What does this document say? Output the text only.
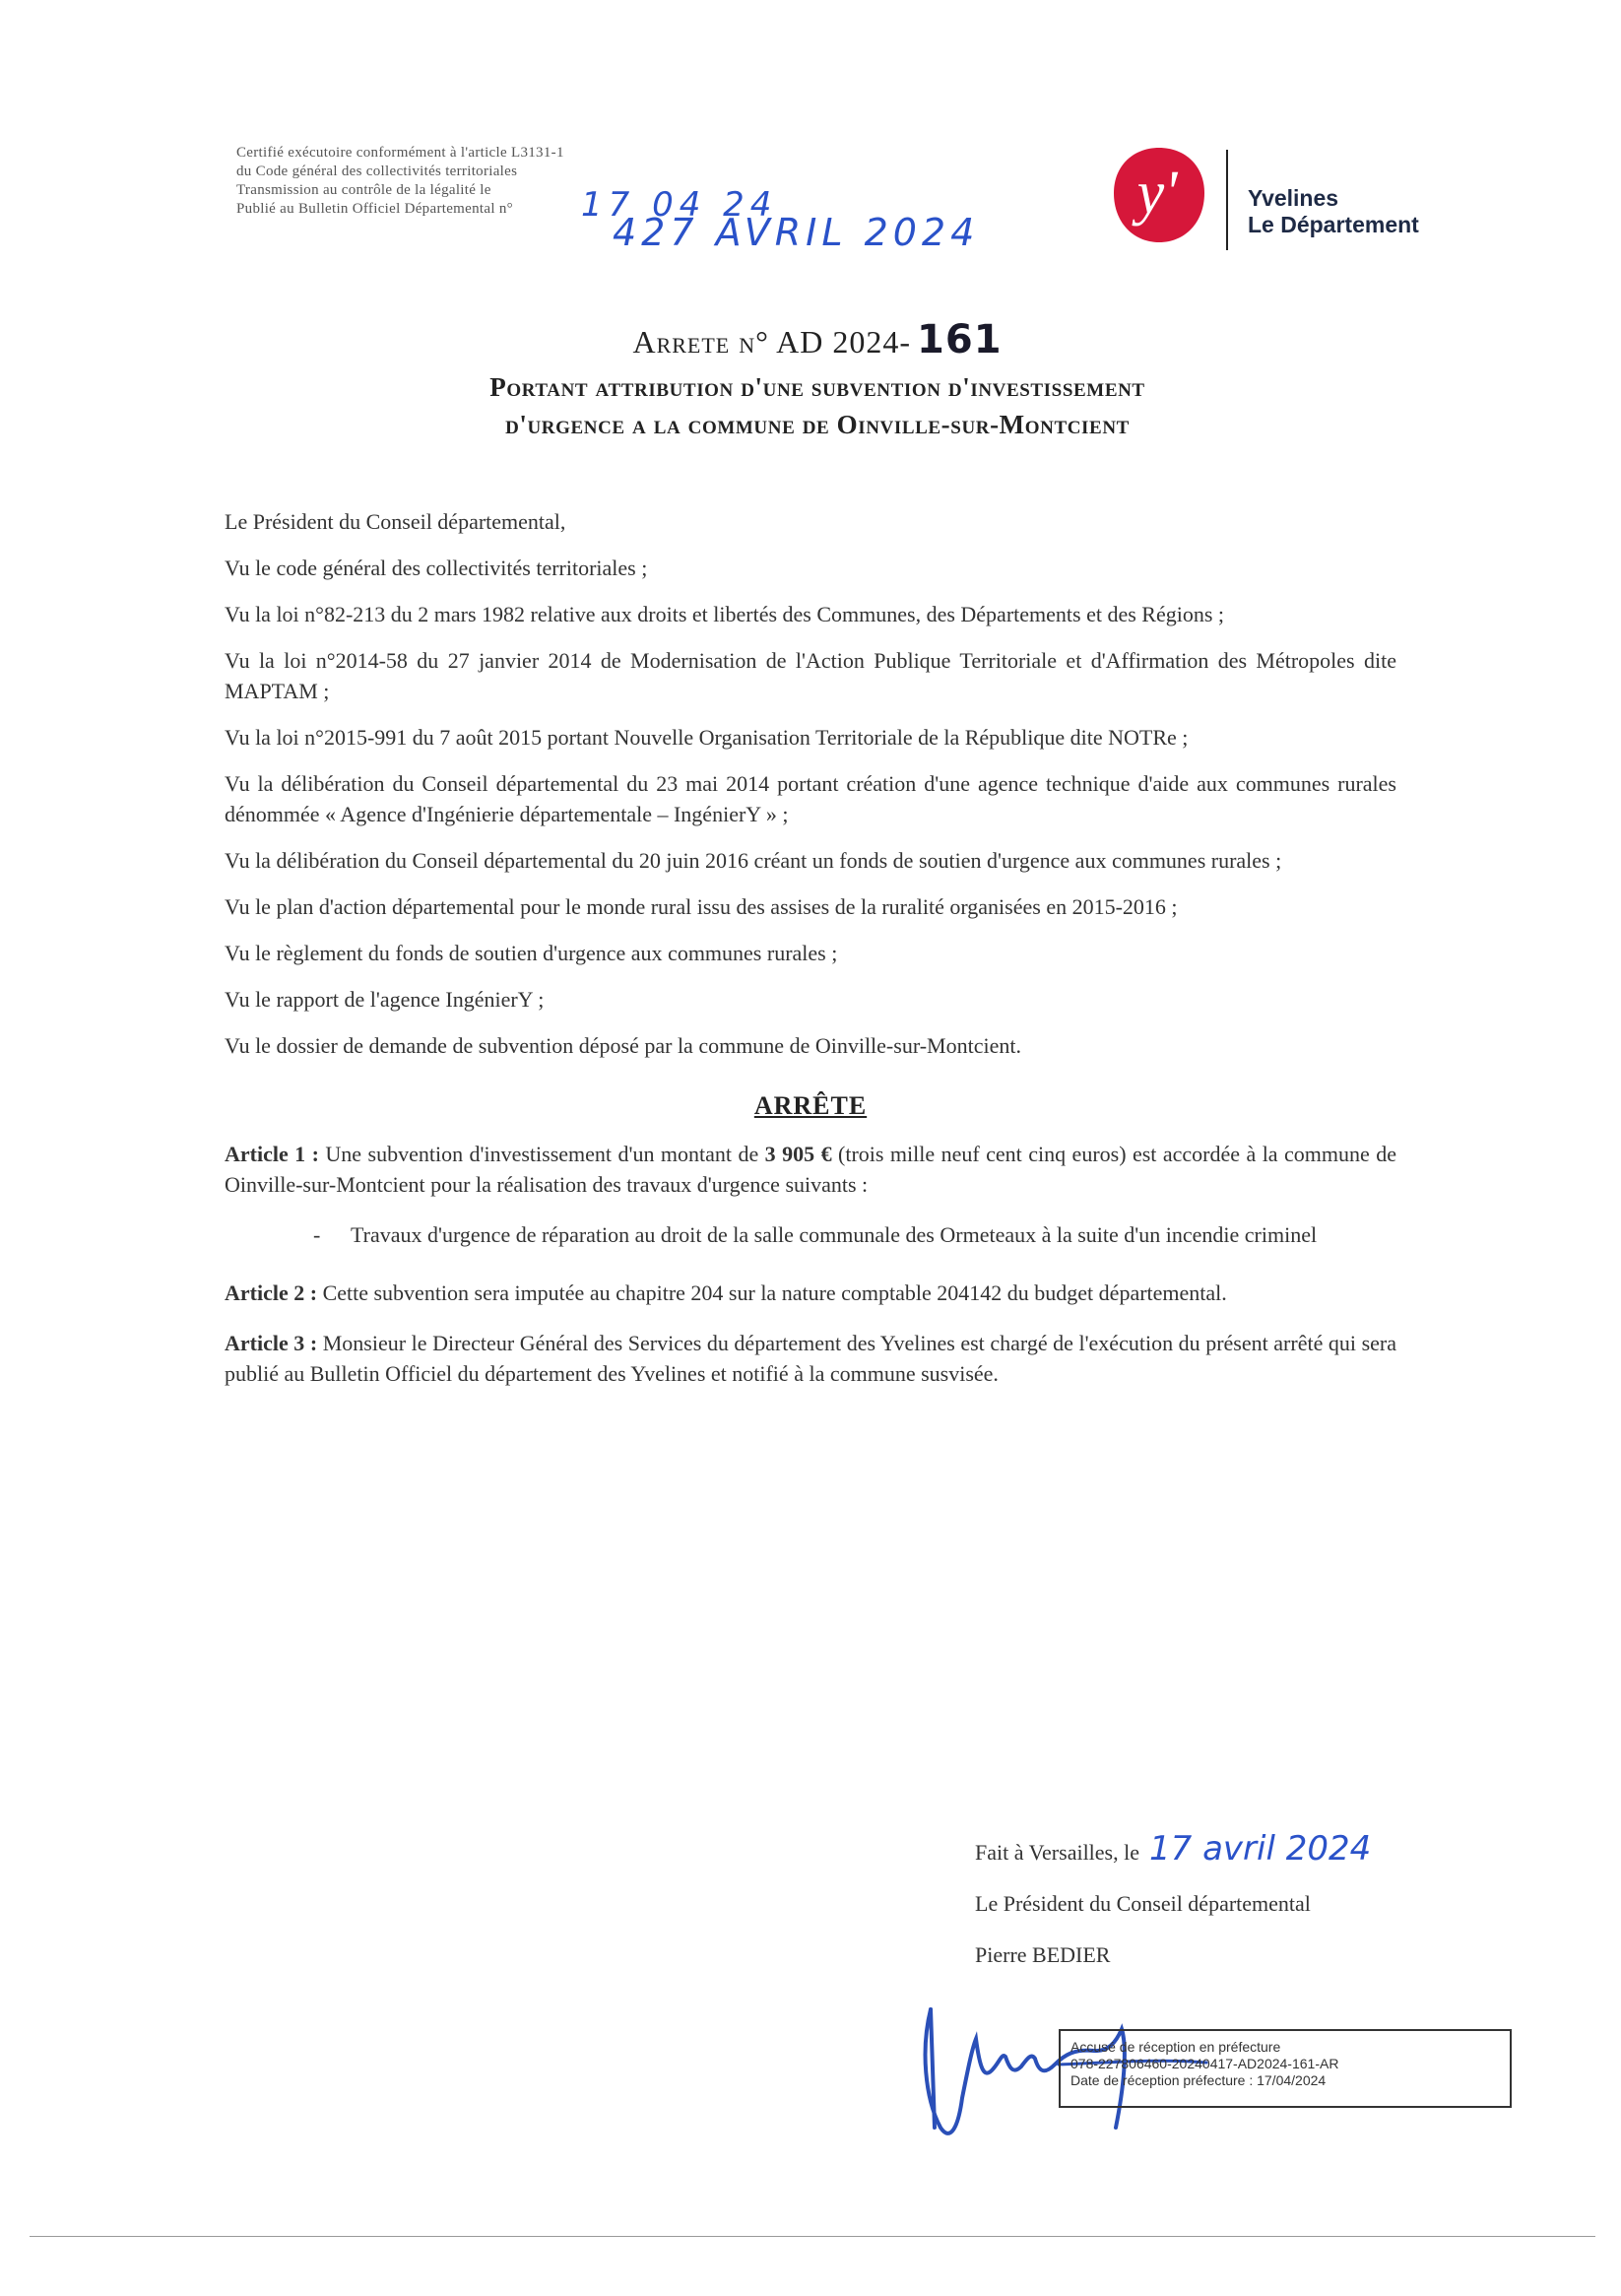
Certifié exécutoire conformément à l'article L3131-1
du Code général des collectivités territoriales
Transmission au contrôle de la légalité le
Publié au Bulletin Officiel Départemental n°	17 04 24
427 AVRIL 2024
y'	Yvelines
Le Département
Arrete n° AD 2024- 161
Portant attribution d'une subvention d'investissement
d'urgence a la commune de Oinville-sur-Montcient

Le Président du Conseil départemental,

Vu le code général des collectivités territoriales ;

Vu la loi n°82-213 du 2 mars 1982 relative aux droits et libertés des Communes, des Départements et des Régions ;

Vu la loi n°2014-58 du 27 janvier 2014 de Modernisation de l'Action Publique Territoriale et d'Affirmation des Métropoles dite MAPTAM ;

Vu la loi n°2015-991 du 7 août 2015 portant Nouvelle Organisation Territoriale de la République dite NOTRe ;

Vu la délibération du Conseil départemental du 23 mai 2014 portant création d'une agence technique d'aide aux communes rurales dénommée « Agence d'Ingénierie départementale – IngénierY » ;

Vu la délibération du Conseil départemental du 20 juin 2016 créant un fonds de soutien d'urgence aux communes rurales ;

Vu le plan d'action départemental pour le monde rural issu des assises de la ruralité organisées en 2015-2016 ;

Vu le règlement du fonds de soutien d'urgence aux communes rurales ;

Vu le rapport de l'agence IngénierY ;

Vu le dossier de demande de subvention déposé par la commune de Oinville-sur-Montcient.

ARRÊTE

Article 1 : Une subvention d'investissement d'un montant de 3 905 € (trois mille neuf cent cinq euros) est accordée à la commune de Oinville-sur-Montcient pour la réalisation des travaux d'urgence suivants :

-	Travaux d'urgence de réparation au droit de la salle communale des Ormeteaux à la suite d'un incendie criminel

Article 2 : Cette subvention sera imputée au chapitre 204 sur la nature comptable 204142 du budget départemental.

Article 3 : Monsieur le Directeur Général des Services du département des Yvelines est chargé de l'exécution du présent arrêté qui sera publié au Bulletin Officiel du département des Yvelines et notifié à la commune susvisée.

Fait à Versailles, le 17 avril 2024
Le Président du Conseil départemental
Pierre BEDIER
Accusé de réception en préfecture
078-227806460-20240417-AD2024-161-AR
Date de réception préfecture : 17/04/2024
